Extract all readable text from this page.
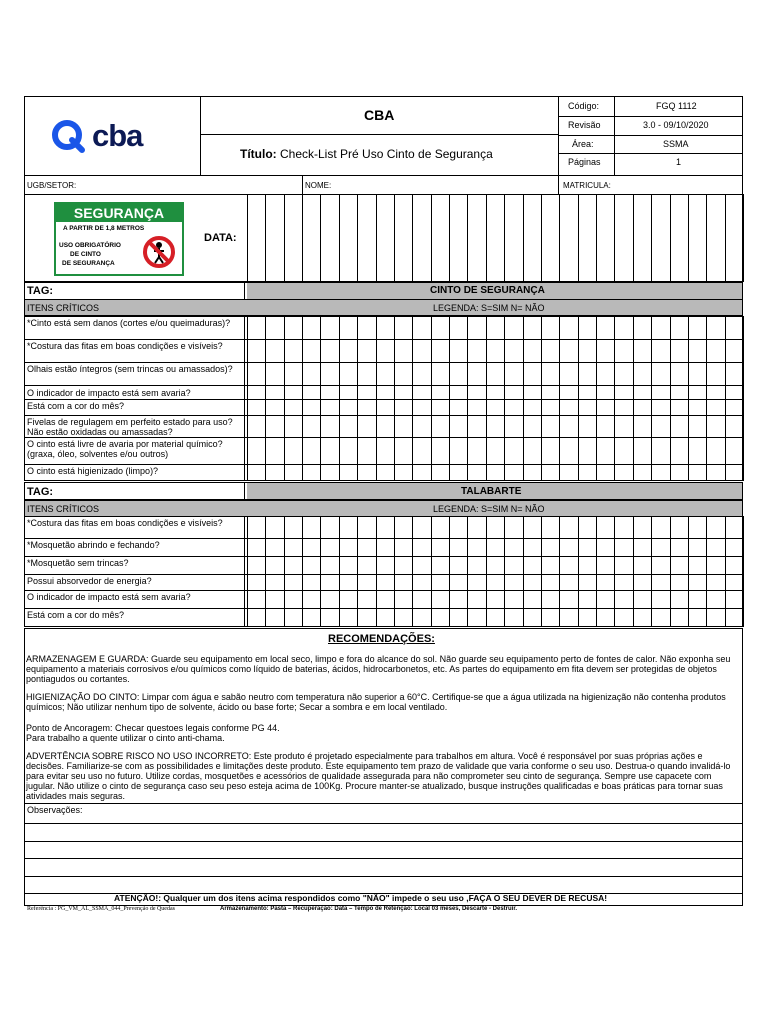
cba
CBA
Título: Check-List Pré Uso Cinto de Segurança
Código:	FGQ 1112
Revisão	3.0 - 09/10/2020
Área:	SSMA
Páginas	1
UGB/SETOR:	NOME:	MATRICULA:
SEGURANÇA
A PARTIR DE 1,8 METROS
USO OBRIGATÓRIO
DE CINTO
DE SEGURANÇA
DATA:
TAG:	CINTO DE SEGURANÇA
ITENS CRÍTICOS	LEGENDA: S=SIM N= NÃO
*Cinto está sem danos (cortes e/ou queimaduras)?
*Costura das fitas em boas condições e visíveis?
Olhais estão íntegros (sem trincas ou amassados)?
O indicador de impacto está sem avaria?
Está com a cor do mês?
Fivelas de regulagem em perfeito estado para uso? Não estão oxidadas ou amassadas?
O cinto está livre de avaria por material químico?(graxa, óleo, solventes e/ou outros)
O cinto está higienizado (limpo)?
TAG:	TALABARTE
ITENS CRÍTICOS	LEGENDA: S=SIM N= NÃO
*Costura das fitas em boas condições e visíveis?
*Mosquetão abrindo e fechando?
*Mosquetão sem trincas?
Possui absorvedor de energia?
O indicador de impacto está sem avaria?
Está com a cor do mês?
RECOMENDAÇÕES:
ARMAZENAGEM E GUARDA: Guarde seu equipamento em local seco, limpo e fora do alcance do sol. Não guarde seu equipamento perto de fontes de calor. Não exponha seu equipamento a materiais corrosivos e/ou químicos como líquido de baterias, ácidos, hidrocarbonetos, etc. As partes do equipamento em fita devem ser protegidas de objetos pontiagudos ou cortantes.
HIGIENIZAÇÃO DO CINTO: Limpar com água e sabão neutro com temperatura não superior a 60°C. Certifique-se que a água utilizada na higienização não contenha produtos químicos; Não utilizar nenhum tipo de solvente, ácido ou base forte; Secar a sombra e em local ventilado.
Ponto de Ancoragem: Checar questoes legais conforme PG 44.
Para trabalho a quente utilizar o cinto anti-chama.
ADVERTÊNCIA SOBRE RISCO NO USO INCORRETO: Este produto é projetado especialmente para trabalhos em altura. Você é responsável por suas próprias ações e decisões. Familiarize-se com as possibilidades e limitações deste produto. Este equipamento tem prazo de validade que varia conforme o seu uso. Destrua-o quando invalidá-lo para evitar seu uso no futuro. Utilize cordas, mosquetões e acessórios de qualidade assegurada para não comprometer seu cinto de segurança. Sempre use capacete com jugular. Não utilize o cinto de segurança caso seu peso esteja acima de 100Kg. Procure manter-se atualizado, busque instruções qualificadas e boas práticas para tornar suas atividades mais seguras.
Observações:
ATENÇÃO!: Qualquer um dos itens acima respondidos como "NÃO" impede o seu uso ,FAÇA O SEU DEVER DE RECUSA!
Referência : PG_VM_AL_SSMA_044_Prevenção de Quedas	Armazenamento: Pasta – Recuperação: Data – Tempo de Retenção: Local 03 meses, Descarte - Destruir.
